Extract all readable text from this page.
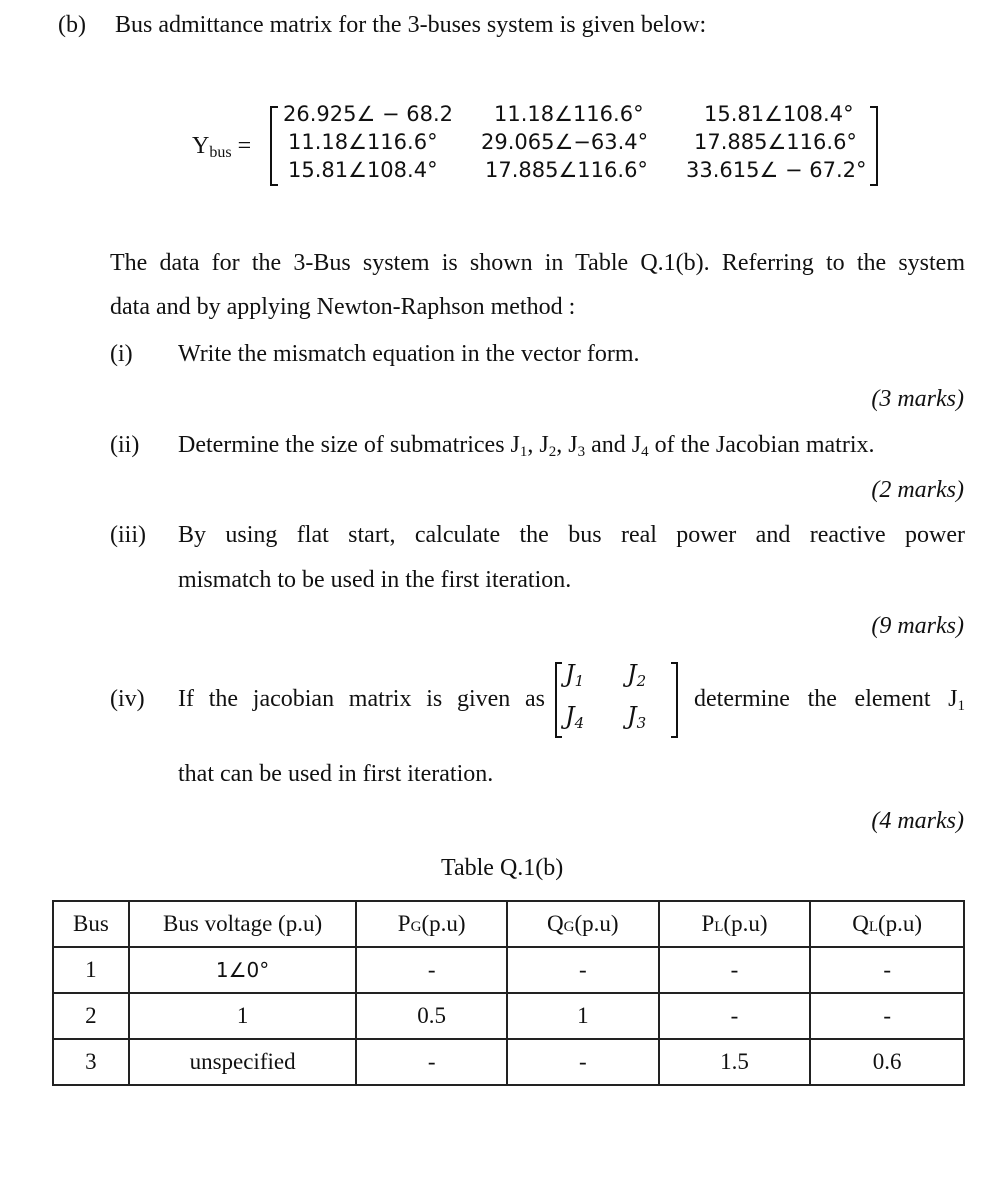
(b) Bus admittance matrix for the 3-buses system is given below:
$Y_{bus}$ =
26.925∠ − 68.2 11.18∠116.6°	15.81∠108.4°
11.18∠116.6° 29.065∠−63.4° 17.885∠116.6°
15.81∠108.4° 17.885∠116.6° 33.615∠ − 67.2°
The data for the 3-Bus system is shown in Table Q.1(b). Referring to the system
data and by applying Newton-Raphson method :
(i) Write the mismatch equation in the vector form.
(3 marks)
(ii) Determine the size of submatrices $J_1$, $J_2$, $J_3$ and $J_4$ of the Jacobian matrix.
(2 marks)
(iii) By using flat start, calculate the bus real power and reactive power
mismatch to be used in the first iteration.
(9 marks)
(iv) If the jacobian matrix is given as
$J_1$ $J_2$
$J_4$ $J_3$
determine the element $J_1$
that can be used in first iteration.
(4 marks)
Table Q.1(b)
Bus	Bus voltage (p.u)	PG(p.u)	QG(p.u)	PL(p.u)	QL(p.u)
1	1∠0°	-	-	-	-
2	1	0.5	1	-	-
3	unspecified	-	-	1.5	0.6
